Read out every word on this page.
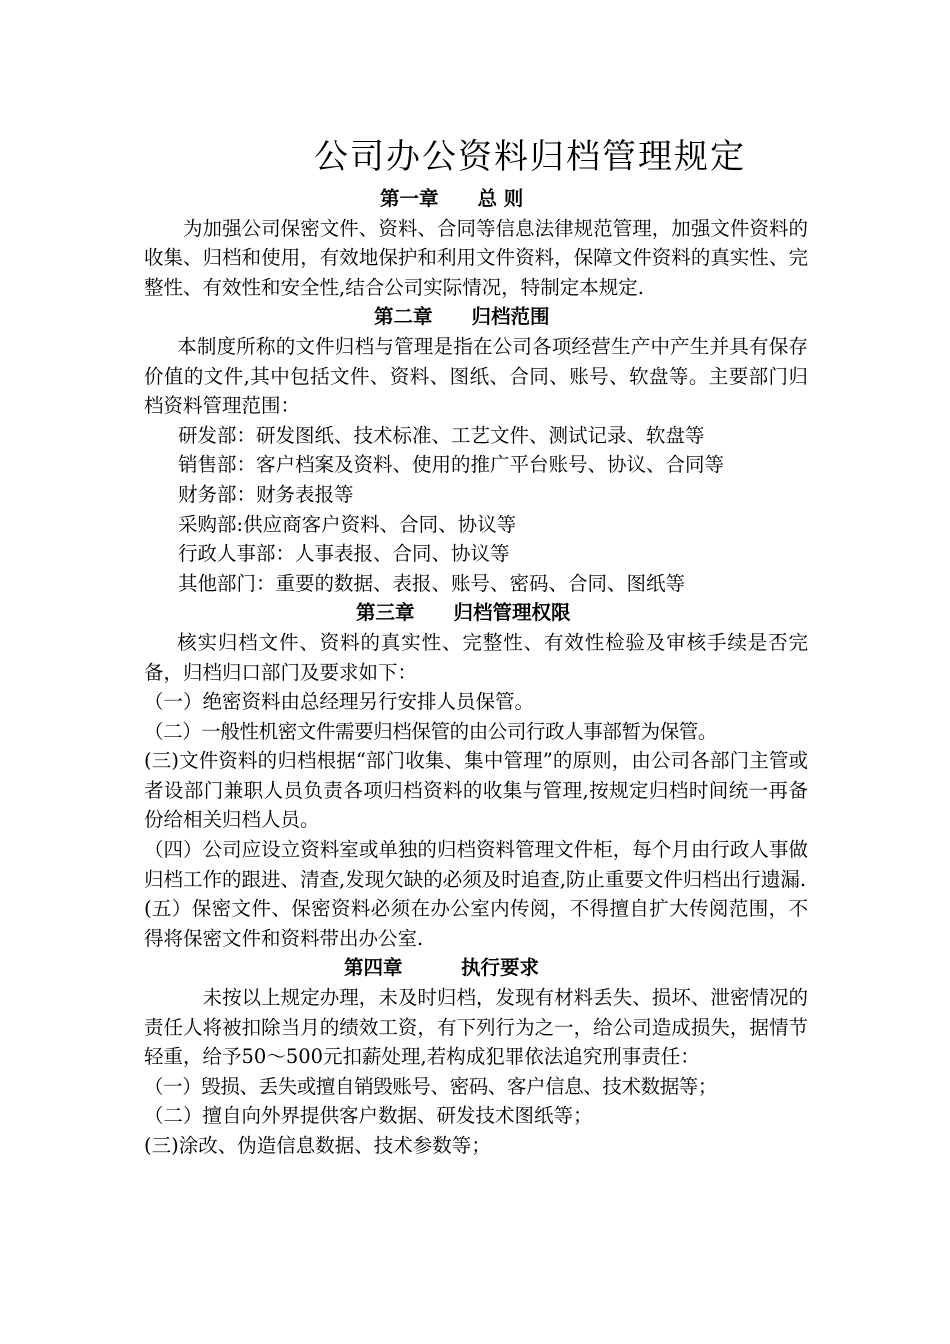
公司办公资料归档管理规定
第一章　　总 则
　为加强公司保密文件、资料、合同等信息法律规范管理，加强文件资料的收集、归档和使用，有效地保护和利用文件资料，保障文件资料的真实性、完整性、有效性和安全性,结合公司实际情况，特制定本规定.
第二章　　归档范围
本制度所称的文件归档与管理是指在公司各项经营生产中产生并具有保存价值的文件,其中包括文件、资料、图纸、合同、账号、软盘等。主要部门归档资料管理范围：
研发部：研发图纸、技术标准、工艺文件、测试记录、软盘等
销售部：客户档案及资料、使用的推广平台账号、协议、合同等
财务部：财务表报等
采购部:供应商客户资料、合同、协议等
行政人事部：人事表报、合同、协议等
其他部门：重要的数据、表报、账号、密码、合同、图纸等
第三章　　归档管理权限
核实归档文件、资料的真实性、完整性、有效性检验及审核手续是否完备，归档归口部门及要求如下：
（一）绝密资料由总经理另行安排人员保管。
（二）一般性机密文件需要归档保管的由公司行政人事部暂为保管。
(三)文件资料的归档根据“部门收集、集中管理”的原则，由公司各部门主管或者设部门兼职人员负责各项归档资料的收集与管理,按规定归档时间统一再备份给相关归档人员。
（四）公司应设立资料室或单独的归档资料管理文件柜，每个月由行政人事做归档工作的跟进、清查,发现欠缺的必须及时追查,防止重要文件归档出行遗漏.
(五）保密文件、保密资料必须在办公室内传阅，不得擅自扩大传阅范围，不得将保密文件和资料带出办公室.
第四章　　　执行要求
　未按以上规定办理，未及时归档，发现有材料丢失、损坏、泄密情况的责任人将被扣除当月的绩效工资，有下列行为之一，给公司造成损失，据情节轻重，给予50～500元扣薪处理,若构成犯罪依法追究刑事责任：
（一）毁损、丢失或擅自销毁账号、密码、客户信息、技术数据等；
（二）擅自向外界提供客户数据、研发技术图纸等；
(三)涂改、伪造信息数据、技术参数等；
